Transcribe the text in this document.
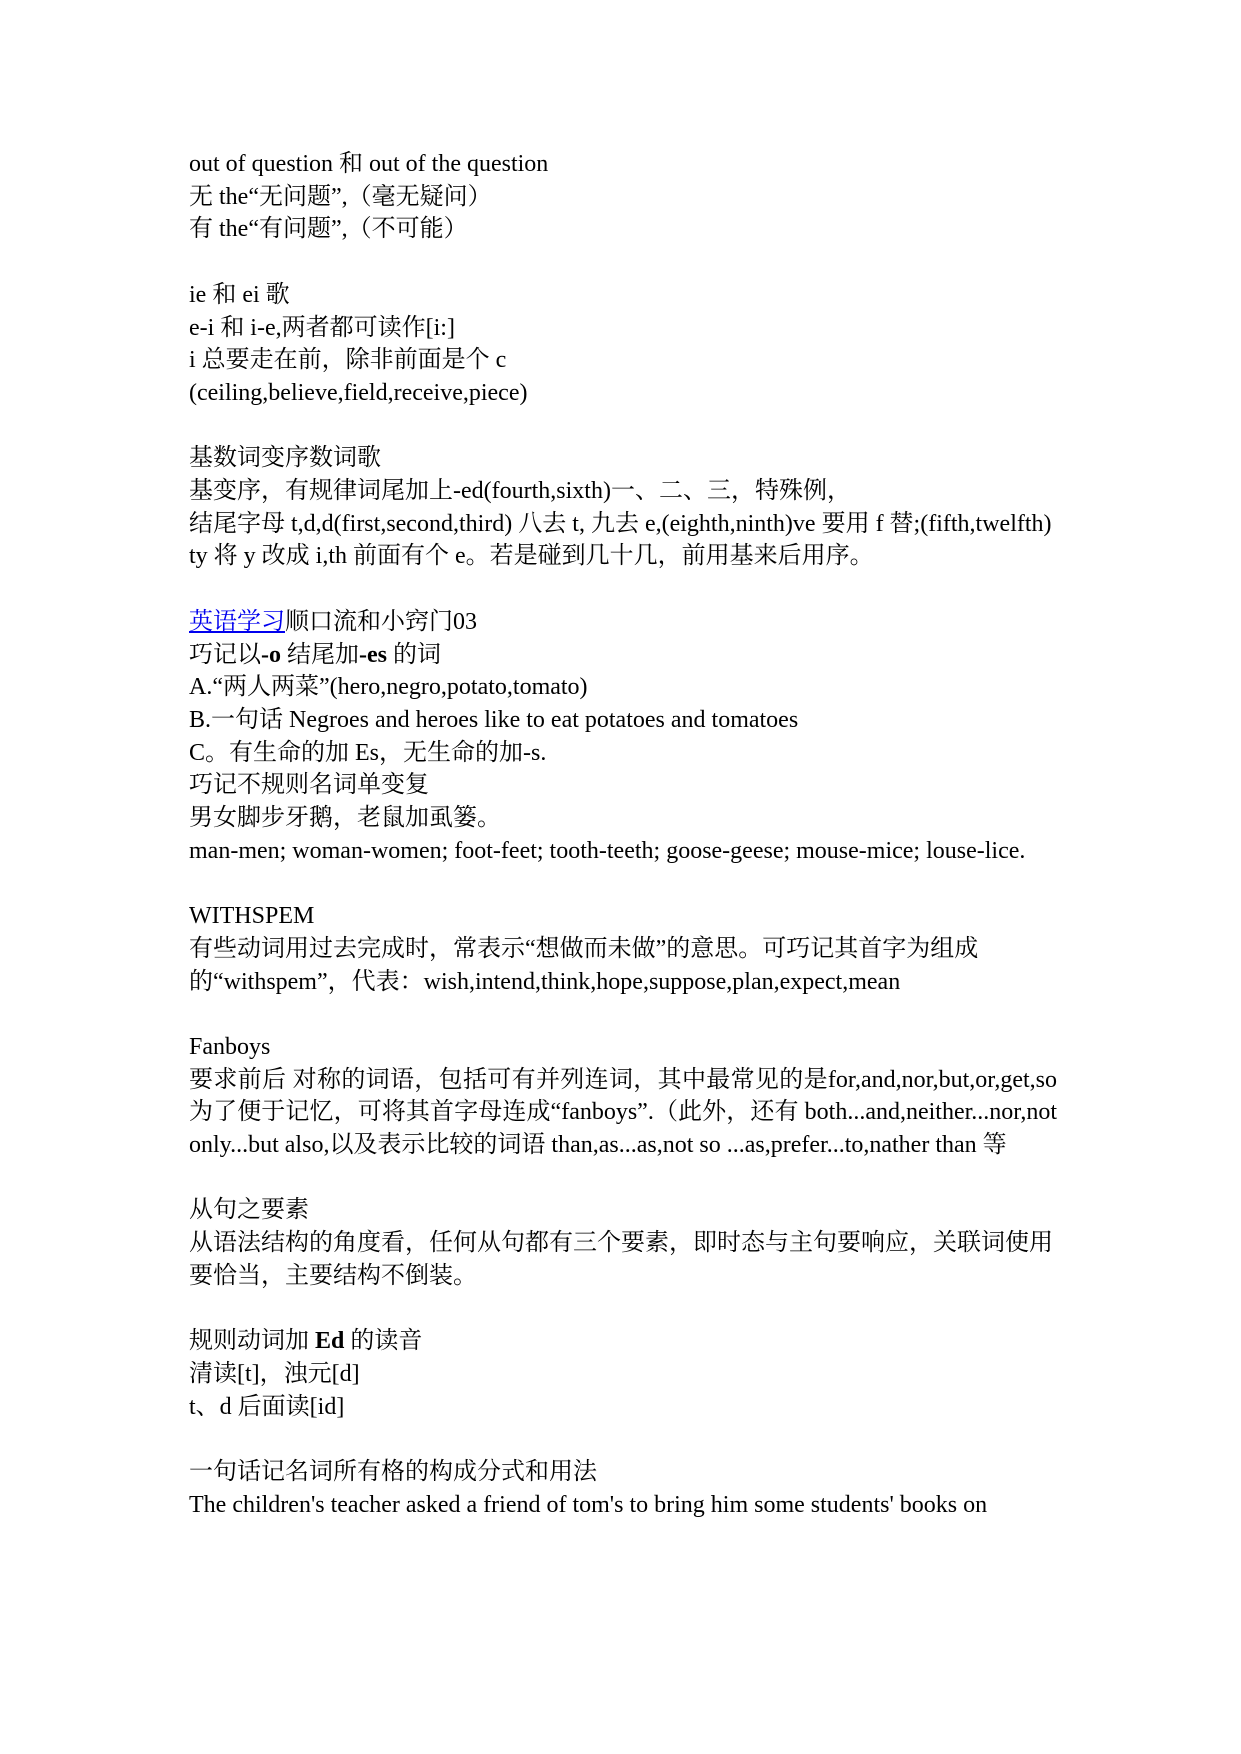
out of question 和 out of the question
无 the“无问题”,（毫无疑问）
有 the“有问题”,（不可能）
ie 和 ei 歌
e-i 和 i-e,两者都可读作[i:]
i 总要走在前，除非前面是个 c
(ceiling,believe,field,receive,piece)
基数词变序数词歌
基变序，有规律词尾加上-ed(fourth,sixth)一、二、三，特殊例，
结尾字母 t,d,d(first,second,third) 八去 t, 九去 e,(eighth,ninth)ve 要用 f 替;(fifth,twelfth)
ty 将 y 改成 i,th 前面有个 e。若是碰到几十几，前用基来后用序。
英语学习顺口流和小窍门03
巧记以-o 结尾加-es 的词
A.“两人两菜”(hero,negro,potato,tomato)
B.一句话 Negroes and heroes like to eat potatoes and tomatoes
C。有生命的加 Es，无生命的加-s.
巧记不规则名词单变复
男女脚步牙鹅，老鼠加虱篓。
man-men; woman-women; foot-feet; tooth-teeth; goose-geese; mouse-mice; louse-lice.
WITHSPEM
有些动词用过去完成时，常表示“想做而未做”的意思。可巧记其首字为组成的“withspem”，代表：wish,intend,think,hope,suppose,plan,expect,mean
Fanboys
要求前后 对称的词语，包括可有并列连词，其中最常见的是for,and,nor,but,or,get,so 为了便于记忆，可将其首字母连成“fanboys”.（此外，还有 both...and,neither...nor,not only...but also,以及表示比较的词语 than,as...as,not so ...as,prefer...to,nather than 等
从句之要素
从语法结构的角度看，任何从句都有三个要素，即时态与主句要响应，关联词使用要恰当，主要结构不倒装。
规则动词加 Ed 的读音
清读[t]，浊元[d]
t、d 后面读[id]
一句话记名词所有格的构成分式和用法
The children's teacher asked a friend of tom's to bring him some students' books on
